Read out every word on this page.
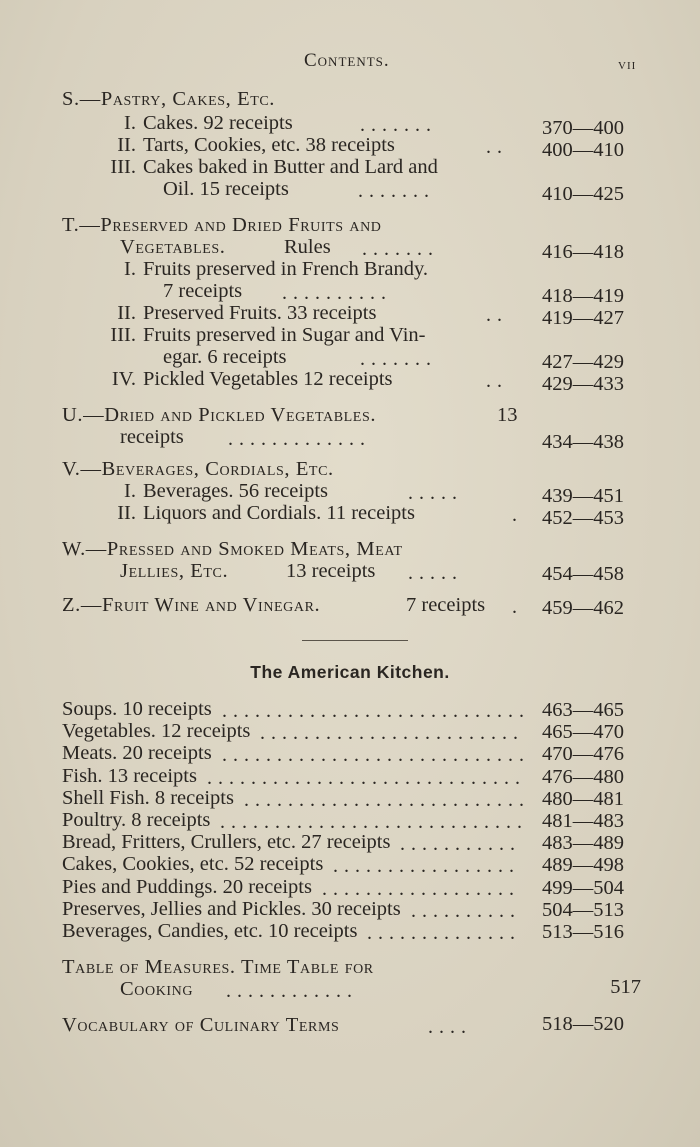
Contents.	vii
S.—Pastry, Cakes, Etc.
I. Cakes. 92 receipts	.......	370—400
II. Tarts, Cookies, etc. 38 receipts	..	400—410
III. Cakes baked in Butter and Lard and
Oil. 15 receipts	.......	410—425
T.—Preserved and Dried Fruits and
Vegetables.	Rules .......	416—418
I. Fruits preserved in French Brandy.
7 receipts ..........	418—419
II. Preserved Fruits. 33 receipts	..	419—427
III. Fruits preserved in Sugar and Vin-
egar. 6 receipts	.......	427—429
IV. Pickled Vegetables 12 receipts	..	429—433
U.—Dried and Pickled Vegetables.	13
receipts .............	434—438
V.—Beverages, Cordials, Etc.
I. Beverages. 56 receipts	.....	439—451
II. Liquors and Cordials. 11 receipts	. 452—453
W.—Pressed and Smoked Meats, Meat
Jellies, Etc.	13 receipts .....	454—458
Z.—Fruit Wine and Vinegar.	7 receipts . 459—462
The American Kitchen.
Soups. 10 receipts ............................ 463—465
Vegetables. 12 receipts ........................ 465—470
Meats. 20 receipts ............................ 470—476
Fish. 13 receipts ............................. 476—480
Shell Fish. 8 receipts .......................... 480—481
Poultry. 8 receipts ............................ 481—483
Bread, Fritters, Crullers, etc. 27 receipts ...........	483—489
Cakes, Cookies, etc. 52 receipts .................	489—498
Pies and Puddings. 20 receipts ..................	499—504
Preserves, Jellies and Pickles. 30 receipts ..........	504—513
Beverages, Candies, etc. 10 receipts ..............	513—516
Table of Measures. Time Table for
Cooking ............	517
Vocabulary of Culinary Terms	....	518—520
